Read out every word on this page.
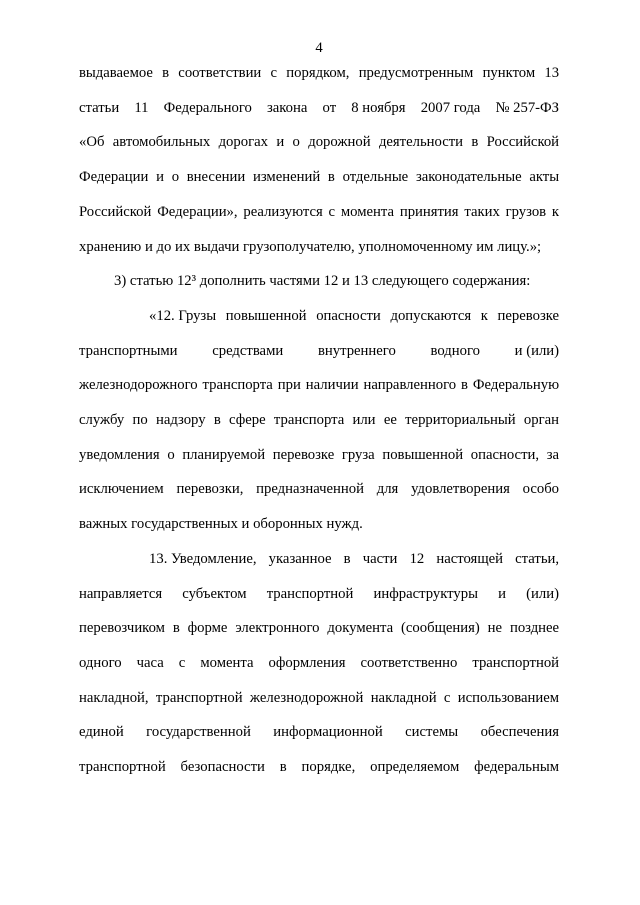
4
выдаваемое в соответствии с порядком, предусмотренным пунктом 13
статьи 11 Федерального закона от 8 ноября 2007 года № 257-ФЗ
«Об автомобильных дорогах и о дорожной деятельности в Российской
Федерации и о внесении изменений в отдельные законодательные акты
Российской Федерации», реализуются с момента принятия таких грузов к
хранению и до их выдачи грузополучателю, уполномоченному им лицу.»;
3) статью 12³ дополнить частями 12 и 13 следующего содержания:
«12. Грузы повышенной опасности допускаются к перевозке
транспортными средствами внутреннего водного и (или)
железнодорожного транспорта при наличии направленного в Федеральную
службу по надзору в сфере транспорта или ее территориальный орган
уведомления о планируемой перевозке груза повышенной опасности, за
исключением перевозки, предназначенной для удовлетворения особо
важных государственных и оборонных нужд.
13. Уведомление, указанное в части 12 настоящей статьи,
направляется субъектом транспортной инфраструктуры и (или)
перевозчиком в форме электронного документа (сообщения) не позднее
одного часа с момента оформления соответственно транспортной
накладной, транспортной железнодорожной накладной с использованием
единой государственной информационной системы обеспечения
транспортной безопасности в порядке, определяемом федеральным
